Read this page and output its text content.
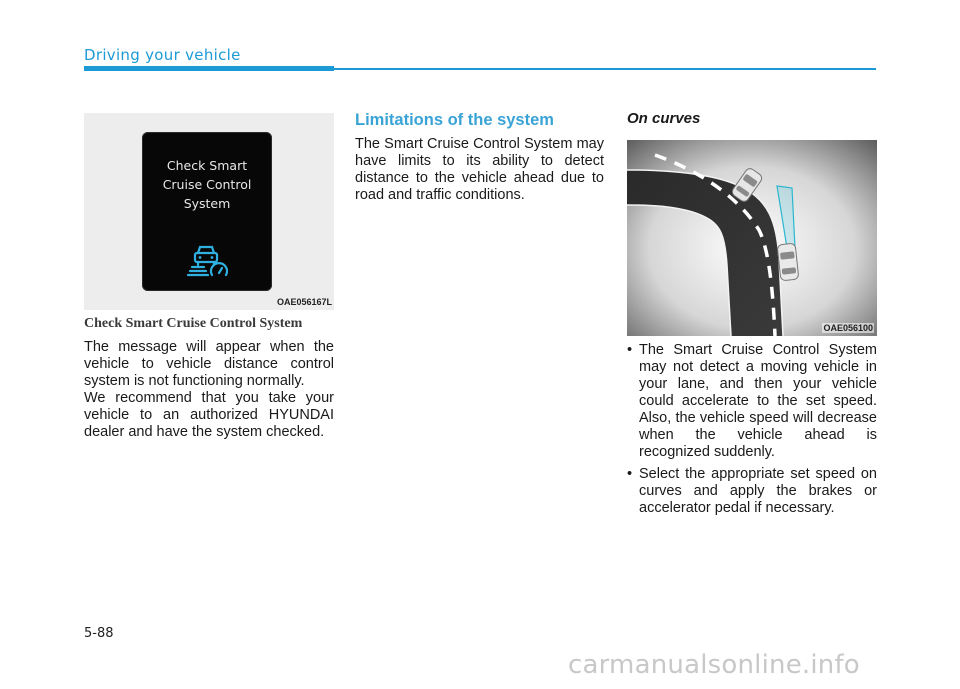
Driving your vehicle
Check Smart
Cruise Control
System
OAE056167L
Check Smart Cruise Control System
The message will appear when the vehicle to vehicle distance control system is not functioning normally.
We recommend that you take your vehicle to an authorized HYUNDAI dealer and have the system checked.
Limitations of the system
The Smart Cruise Control System may have limits to its ability to detect distance to the vehicle ahead due to road and traffic conditions.
On curves
OAE056100
• The Smart Cruise Control System may not detect a moving vehicle in your lane, and then your vehicle could accelerate to the set speed. Also, the vehicle speed will decrease when the vehicle ahead is recognized suddenly.
• Select the appropriate set speed on curves and apply the brakes or accelerator pedal if necessary.
5-88
carmanualsonline.info
